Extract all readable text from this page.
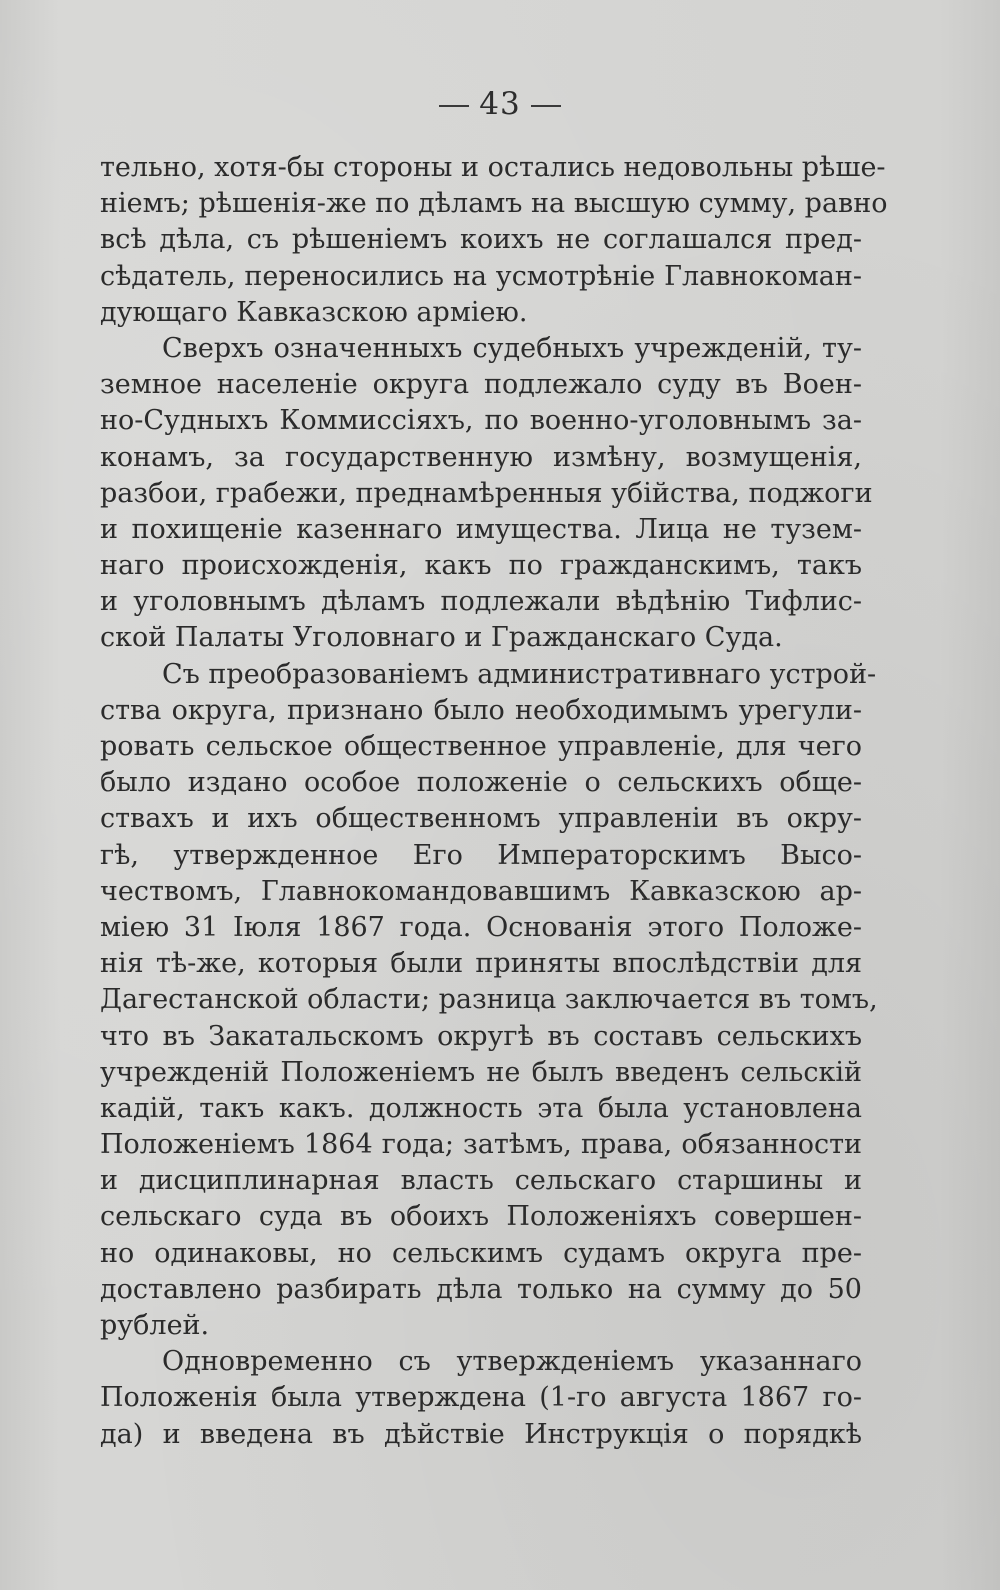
43
тельно, хотя-бы стороны и остались недовольны рѣше-
ніемъ; рѣшенія-же по дѣламъ на высшую сумму, равно
всѣ дѣла, съ рѣшеніемъ коихъ не соглашался пред-
сѣдатель, переносились на усмотрѣніе Главнокоман-
дующаго Кавказскою арміею.
Сверхъ означенныхъ судебныхъ учрежденій, ту-
земное населеніе округа подлежало суду въ Воен-
но-Судныхъ Коммиссіяхъ, по военно-уголовнымъ за-
конамъ, за государственную измѣну, возмущенія,
разбои, грабежи, преднамѣренныя убійства, поджоги
и похищеніе казеннаго имущества. Лица не тузем-
наго происхожденія, какъ по гражданскимъ, такъ
и уголовнымъ дѣламъ подлежали вѣдѣнію Тифлис-
ской Палаты Уголовнаго и Гражданскаго Суда.
Съ преобразованіемъ административнаго устрой-
ства округа, признано было необходимымъ урегули-
ровать сельское общественное управленіе, для чего
было издано особое положеніе о сельскихъ обще-
ствахъ и ихъ общественномъ управленіи въ окру-
гѣ, утвержденное Его Императорскимъ Высо-
чествомъ, Главнокомандовавшимъ Кавказскою ар-
міею 31 Іюля 1867 года. Основанія этого Положе-
нія тѣ-же, которыя были приняты впослѣдствіи для
Дагестанской области; разница заключается въ томъ,
что въ Закатальскомъ округѣ въ составъ сельскихъ
учрежденій Положеніемъ не былъ введенъ сельскій
кадій, такъ какъ. должность эта была установлена
Положеніемъ 1864 года; затѣмъ, права, обязанности
и дисциплинарная власть сельскаго старшины и
сельскаго суда въ обоихъ Положеніяхъ совершен-
но одинаковы, но сельскимъ судамъ округа пре-
доставлено разбирать дѣла только на сумму до 50
рублей.
Одновременно съ утвержденіемъ указаннаго
Положенія была утверждена (1-го августа 1867 го-
да) и введена въ дѣйствіе Инструкція о порядкѣ
